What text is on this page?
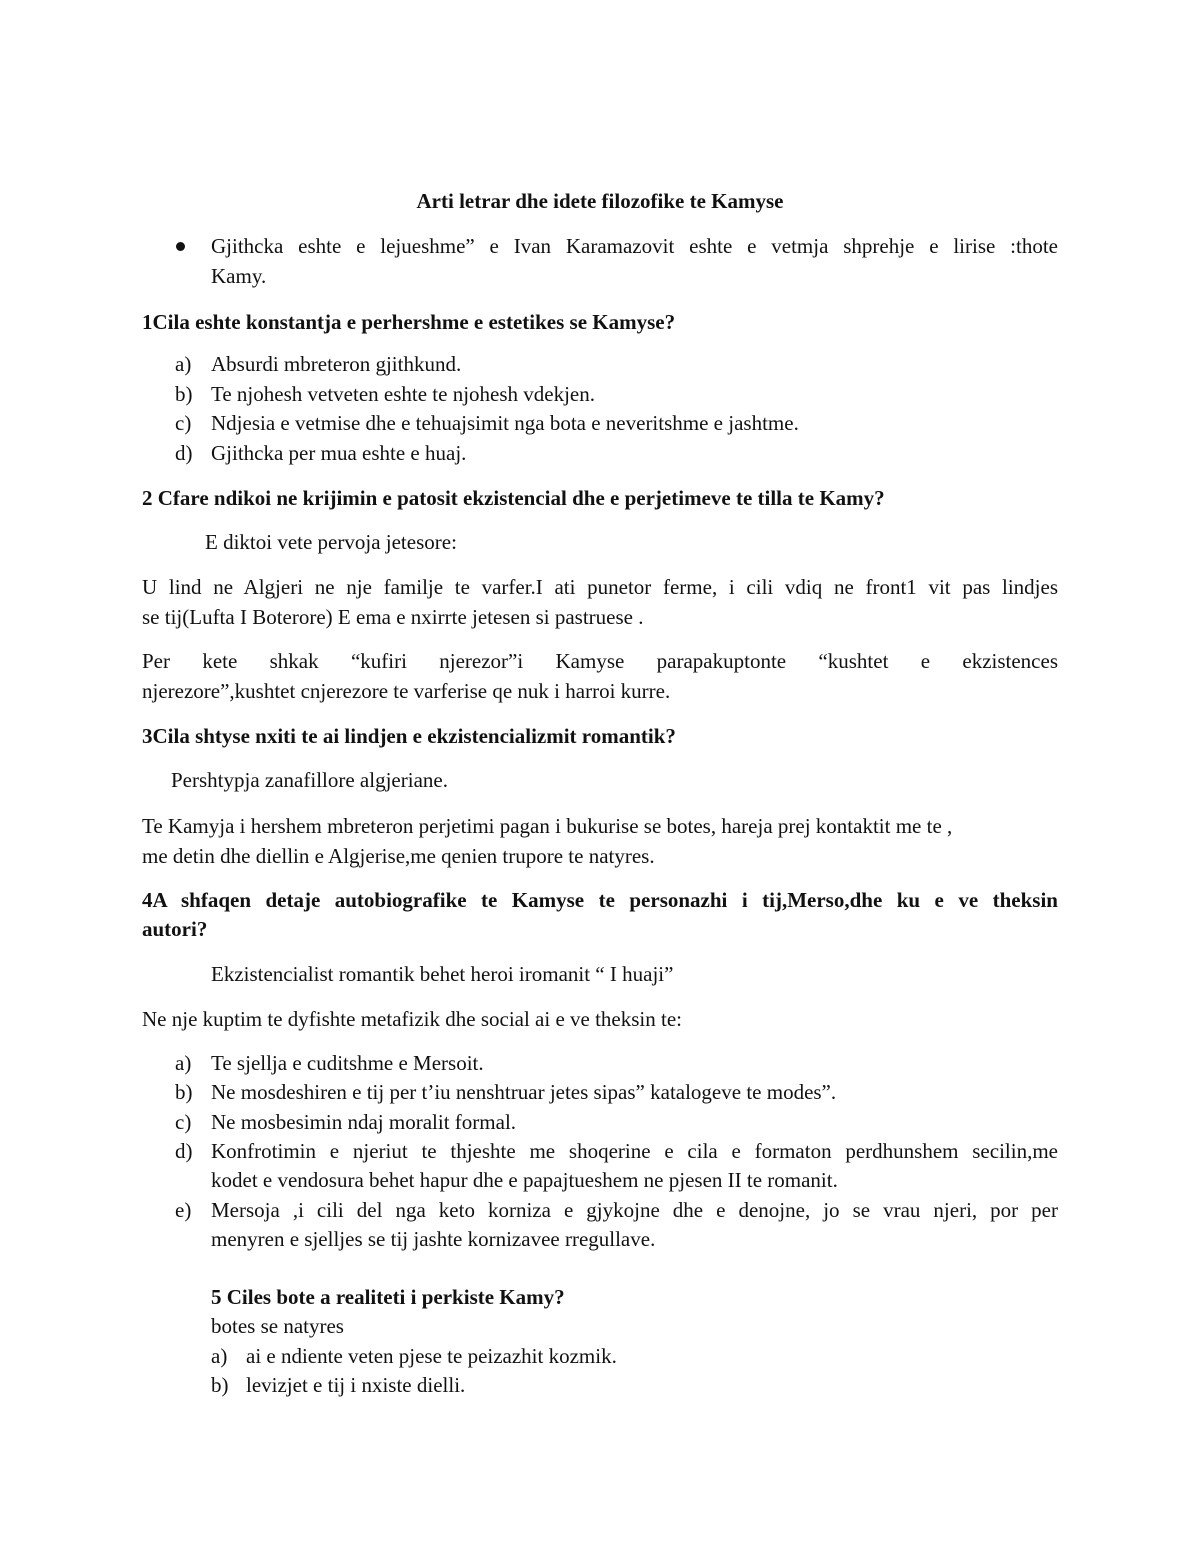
Arti letrar dhe idete filozofike te Kamyse
Gjithcka eshte e lejueshme” e Ivan Karamazovit eshte e vetmja shprehje e lirise :thote
Kamy.
1Cila eshte konstantja e perhershme e estetikes se Kamyse?
a) Absurdi mbreteron gjithkund.
b) Te njohesh vetveten eshte te njohesh vdekjen.
c) Ndjesia e vetmise dhe e tehuajsimit nga bota e neveritshme e jashtme.
d) Gjithcka per mua eshte e huaj.
2 Cfare ndikoi ne krijimin e patosit ekzistencial dhe e perjetimeve te tilla te Kamy?
E diktoi vete pervoja jetesore:
U lind ne Algjeri ne nje familje te varfer.I ati punetor ferme, i cili vdiq ne front1 vit pas lindjes
se tij(Lufta I Boterore) E ema e nxirrte jetesen si pastruese .
Per kete shkak “kufiri njerezor”i Kamyse parapakuptonte “kushtet e ekzistences
njerezore”,kushtet cnjerezore te varferise qe nuk i harroi kurre.
3Cila shtyse nxiti te ai lindjen e ekzistencializmit romantik?
Pershtypja zanafillore algjeriane.
Te Kamyja i hershem mbreteron perjetimi pagan i bukurise se botes, hareja prej kontaktit me te ,
me detin dhe diellin e Algjerise,me qenien trupore te natyres.
4A shfaqen detaje autobiografike te Kamyse te personazhi i tij,Merso,dhe ku e ve theksin
autori?
Ekzistencialist romantik behet heroi iromanit “ I huaji”
Ne nje kuptim te dyfishte metafizik dhe social ai e ve theksin te:
a) Te sjellja e cuditshme e Mersoit.
b) Ne mosdeshiren e tij per t’iu nenshtruar jetes sipas” katalogeve te modes”.
c) Ne mosbesimin ndaj moralit formal.
d) Konfrotimin e njeriut te thjeshte me shoqerine e cila e formaton perdhunshem secilin,me
kodet e vendosura behet hapur dhe e papajtueshem ne pjesen II te romanit.
e) Mersoja ,i cili del nga keto korniza e gjykojne dhe e denojne, jo se vrau njeri, por per
menyren e sjelljes se tij jashte kornizavee rregullave.
5 Ciles bote a realiteti i perkiste Kamy?
botes se natyres
a) ai e ndiente veten pjese te peizazhit kozmik.
b) levizjet e tij i nxiste dielli.
